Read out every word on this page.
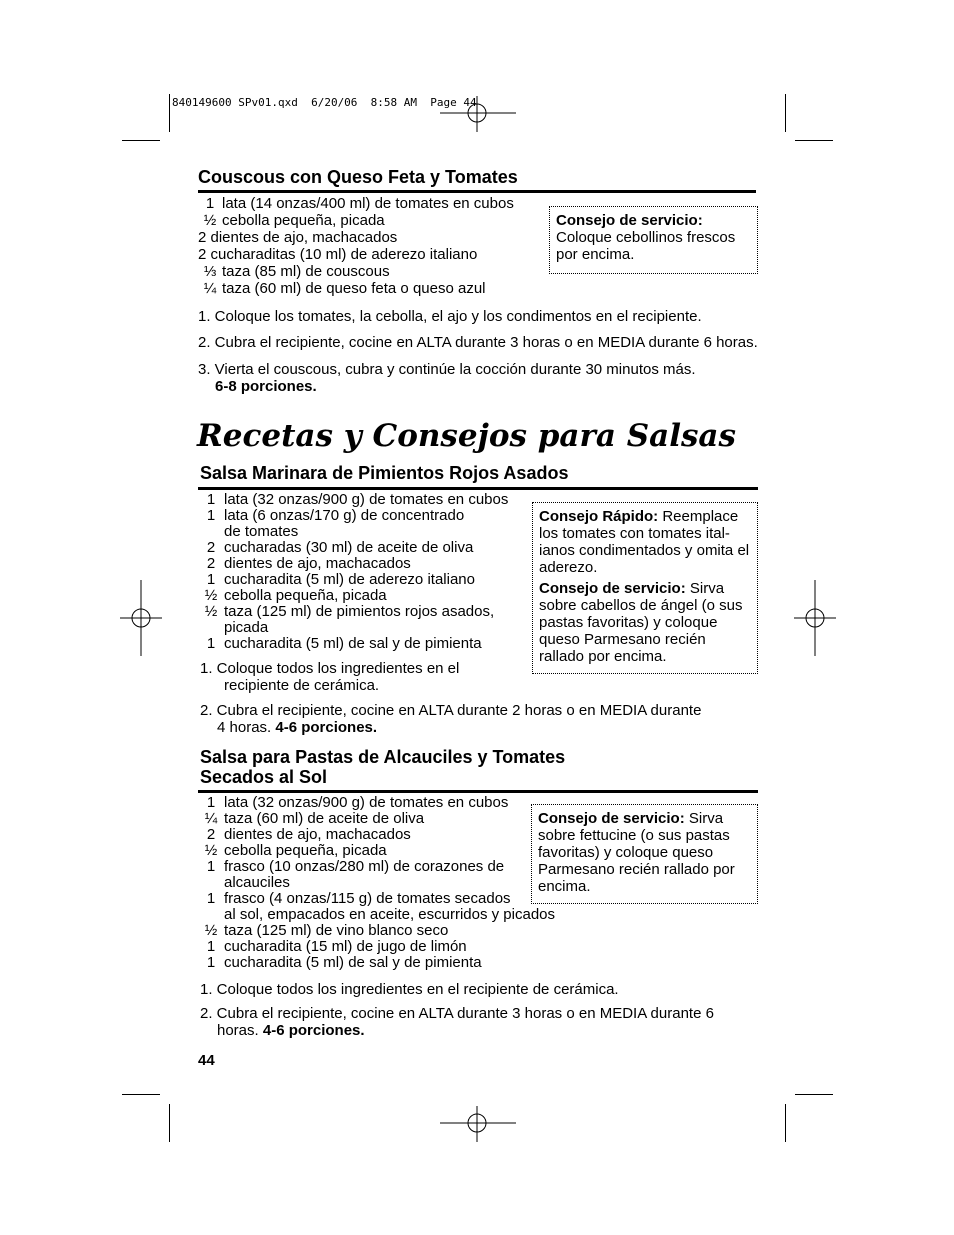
840149600 SPv01.qxd  6/20/06  8:58 AM  Page 44
Couscous con Queso Feta y Tomates
1 lata (14 onzas/400 ml) de tomates en cubos
½ cebolla pequeña, picada
2 dientes de ajo, machacados
2 cucharaditas (10 ml) de aderezo italiano
⅓ taza (85 ml) de couscous
¼ taza (60 ml) de queso feta o queso azul

Consejo de servicio:
Coloque cebollinos frescos por encima.

1. Coloque los tomates, la cebolla, el ajo y los condimentos en el recipiente.
2. Cubra el recipiente, cocine en ALTA durante 3 horas o en MEDIA durante 6 horas.
3. Vierta el couscous, cubra y continúe la cocción durante 30 minutos más.
6-8 porciones.
Recetas y Consejos para Salsas
Salsa Marinara de Pimientos Rojos Asados
1 lata (32 onzas/900 g) de tomates en cubos
1 lata (6 onzas/170 g) de concentrado
de tomates
2 cucharadas (30 ml) de aceite de oliva
2 dientes de ajo, machacados
1 cucharadita (5 ml) de aderezo italiano
½ cebolla pequeña, picada
½ taza (125 ml) de pimientos rojos asados,
picada
1 cucharadita (5 ml) de sal y de pimienta

Consejo Rápido: Reemplace los tomates con tomates ital-ianos condimentados y omita el aderezo.

Consejo de servicio: Sirva sobre cabellos de ángel (o sus pastas favoritas) y coloque queso Parmesano recién rallado por encima.

1. Coloque todos los ingredientes en el
recipiente de cerámica.
2. Cubra el recipiente, cocine en ALTA durante 2 horas o en MEDIA durante
4 horas. 4-6 porciones.
Salsa para Pastas de Alcauciles y Tomates
Secados al Sol
1 lata (32 onzas/900 g) de tomates en cubos
¼ taza (60 ml) de aceite de oliva
2 dientes de ajo, machacados
½ cebolla pequeña, picada
1 frasco (10 onzas/280 ml) de corazones de
alcauciles
1 frasco (4 onzas/115 g) de tomates secados
al sol, empacados en aceite, escurridos y picados
½ taza (125 ml) de vino blanco seco
1 cucharadita (15 ml) de jugo de limón
1 cucharadita (5 ml) de sal y de pimienta

Consejo de servicio: Sirva sobre fettucine (o sus pastas favoritas) y coloque queso Parmesano recién rallado por encima.

1. Coloque todos los ingredientes en el recipiente de cerámica.
2. Cubra el recipiente, cocine en ALTA durante 3 horas o en MEDIA durante 6
horas. 4-6 porciones.
44
